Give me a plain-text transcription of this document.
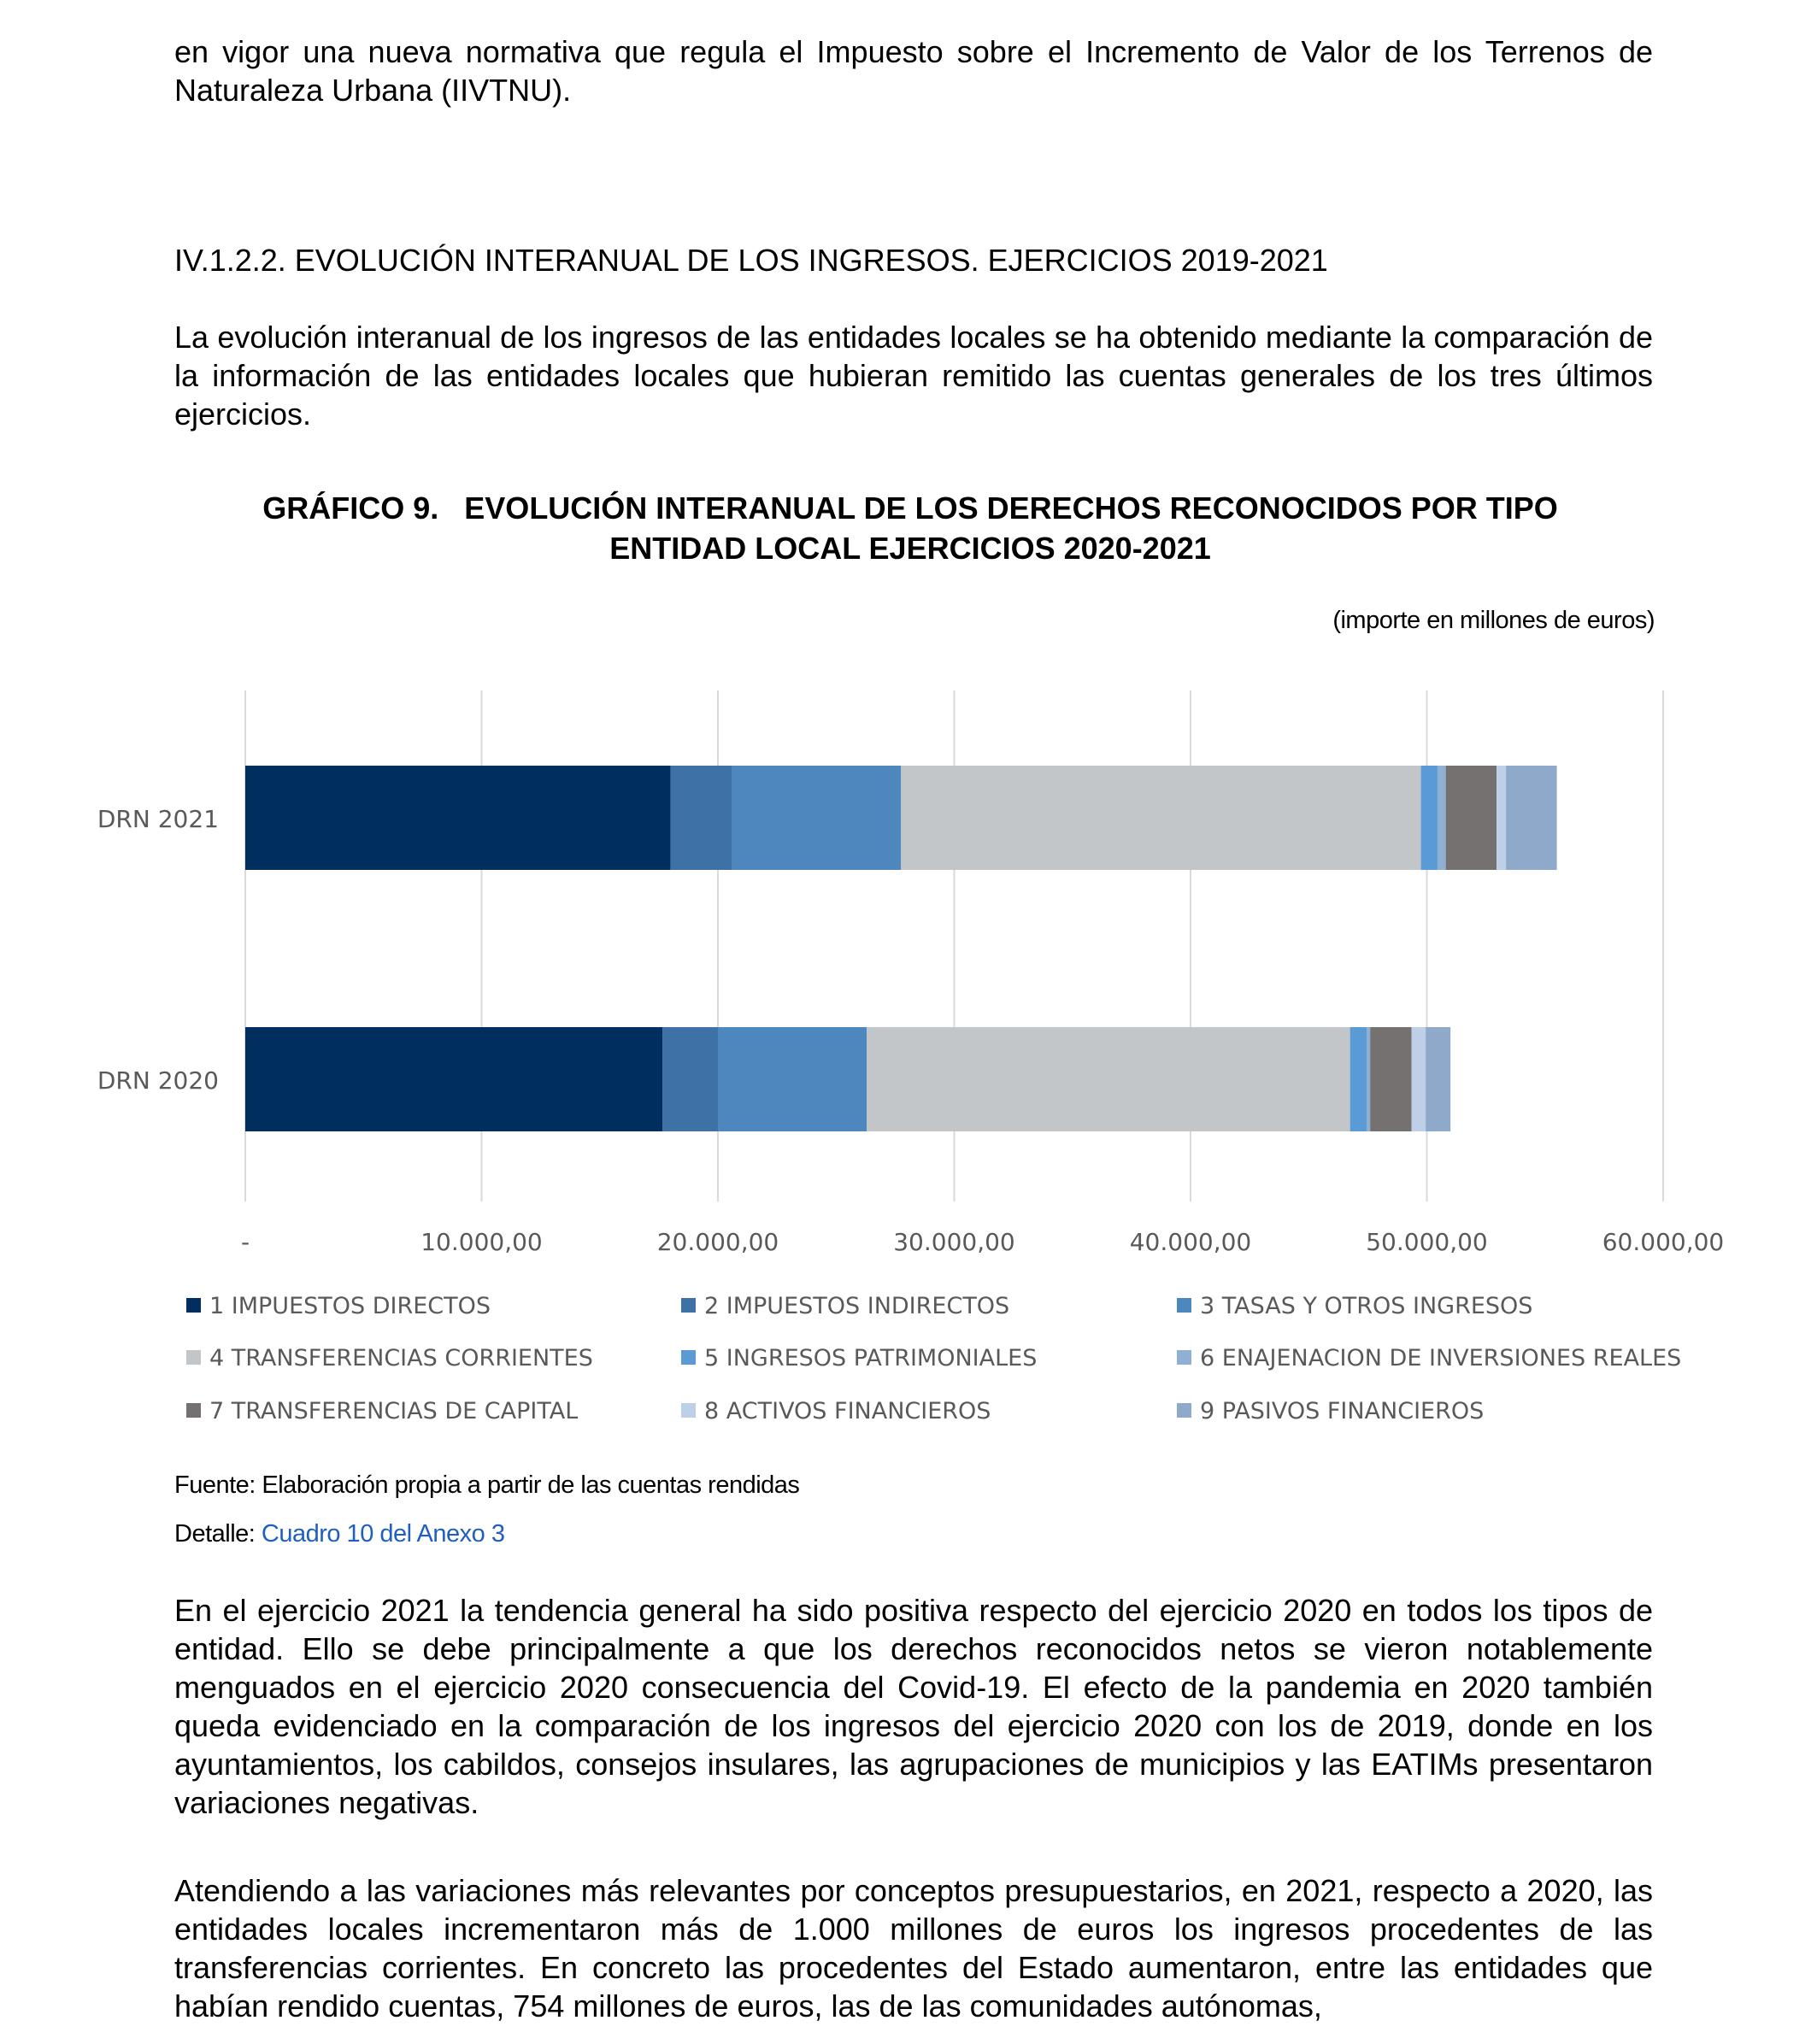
en vigor una nueva normativa que regula el Impuesto sobre el Incremento de Valor de los Terrenos de Naturaleza Urbana (IIVTNU).

IV.1.2.2. EVOLUCIÓN INTERANUAL DE LOS INGRESOS. EJERCICIOS 2019-2021

La evolución interanual de los ingresos de las entidades locales se ha obtenido mediante la comparación de la información de las entidades locales que hubieran remitido las cuentas generales de los tres últimos ejercicios.

GRÁFICO 9.   EVOLUCIÓN INTERANUAL DE LOS DERECHOS RECONOCIDOS POR TIPO
ENTIDAD LOCAL EJERCICIOS 2020-2021
(importe en millones de euros)
DRN 2021
DRN 2020
-	10.000,00	20.000,00	30.000,00	40.000,00	50.000,00	60.000,00
1 IMPUESTOS DIRECTOS	2 IMPUESTOS INDIRECTOS	3 TASAS Y OTROS INGRESOS
4 TRANSFERENCIAS CORRIENTES	5 INGRESOS PATRIMONIALES	6 ENAJENACION DE INVERSIONES REALES
7 TRANSFERENCIAS DE CAPITAL	8 ACTIVOS FINANCIEROS	9 PASIVOS FINANCIEROS
Fuente: Elaboración propia a partir de las cuentas rendidas
Detalle: Cuadro 10 del Anexo 3

En el ejercicio 2021 la tendencia general ha sido positiva respecto del ejercicio 2020 en todos los tipos de entidad. Ello se debe principalmente a que los derechos reconocidos netos se vieron notablemente menguados en el ejercicio 2020 consecuencia del Covid-19. El efecto de la pandemia en 2020 también queda evidenciado en la comparación de los ingresos del ejercicio 2020 con los de 2019, donde en los ayuntamientos, los cabildos, consejos insulares, las agrupaciones de municipios y las EATIMs presentaron variaciones negativas.

Atendiendo a las variaciones más relevantes por conceptos presupuestarios, en 2021, respecto a 2020, las entidades locales incrementaron más de 1.000 millones de euros los ingresos procedentes de las transferencias corrientes. En concreto las procedentes del Estado aumentaron, entre las entidades que habían rendido cuentas, 754 millones de euros, las de las comunidades autónomas,
